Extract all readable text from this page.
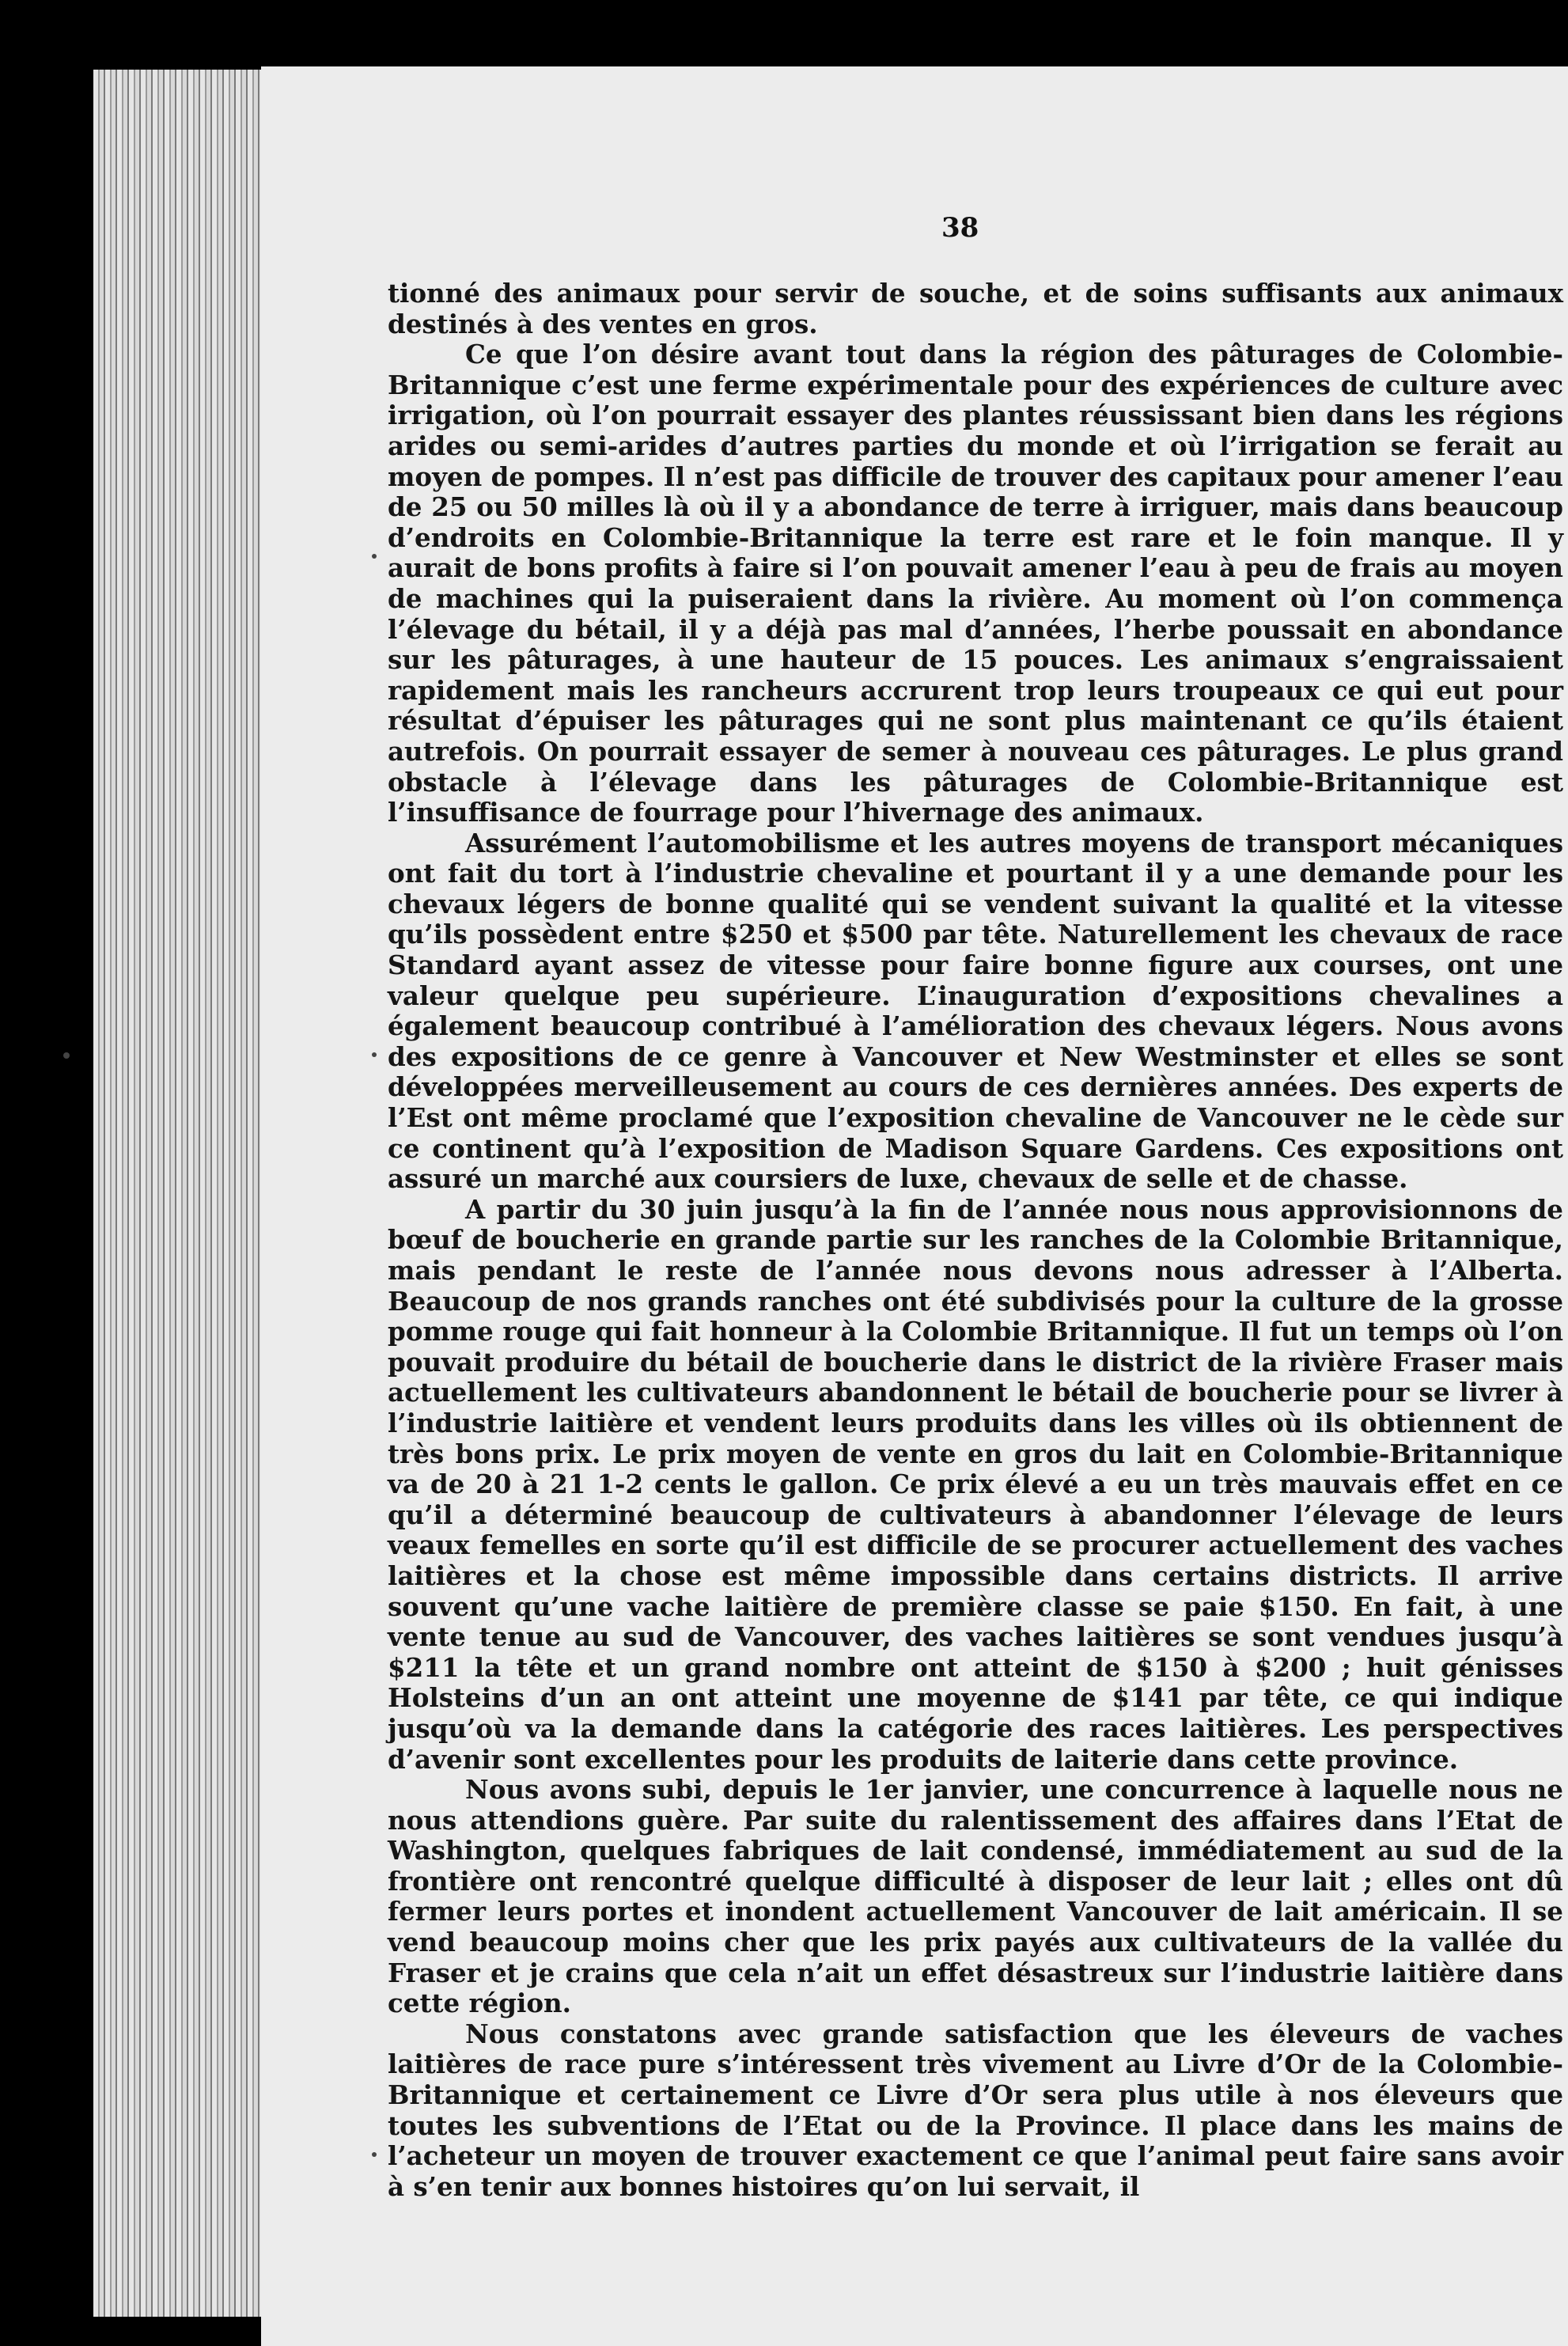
38

tionné des animaux pour servir de souche, et de soins suffisants aux animaux destinés à des ventes en gros.

Ce que l’on désire avant tout dans la région des pâturages de Colombie-Britannique c’est une ferme expérimentale pour des expériences de culture avec irrigation, où l’on pourrait essayer des plantes réussissant bien dans les régions arides ou semi-arides d’autres parties du monde et où l’irrigation se ferait au moyen de pompes. Il n’est pas difficile de trouver des capitaux pour amener l’eau de 25 ou 50 milles là où il y a abondance de terre à irriguer, mais dans beaucoup d’endroits en Colombie-Britannique la terre est rare et le foin manque. Il y aurait de bons profits à faire si l’on pouvait amener l’eau à peu de frais au moyen de machines qui la puiseraient dans la rivière. Au moment où l’on commença l’élevage du bétail, il y a déjà pas mal d’années, l’herbe poussait en abondance sur les pâturages, à une hauteur de 15 pouces. Les animaux s’engraissaient rapidement mais les rancheurs accrurent trop leurs troupeaux ce qui eut pour résultat d’épuiser les pâturages qui ne sont plus maintenant ce qu’ils étaient autrefois. On pourrait essayer de semer à nouveau ces pâturages. Le plus grand obstacle à l’élevage dans les pâturages de Colombie-Britannique est l’insuffisance de fourrage pour l’hivernage des animaux.

Assurément l’automobilisme et les autres moyens de transport mécaniques ont fait du tort à l’industrie chevaline et pourtant il y a une demande pour les chevaux légers de bonne qualité qui se vendent suivant la qualité et la vitesse qu’ils possèdent entre $250 et $500 par tête. Naturellement les chevaux de race Standard ayant assez de vitesse pour faire bonne figure aux courses, ont une valeur quelque peu supérieure. L’inauguration d’expositions chevalines a également beaucoup contribué à l’amélioration des chevaux légers. Nous avons des expositions de ce genre à Vancouver et New Westminster et elles se sont développées merveilleusement au cours de ces dernières années. Des experts de l’Est ont même proclamé que l’exposition chevaline de Vancouver ne le cède sur ce continent qu’à l’exposition de Madison Square Gardens. Ces expositions ont assuré un marché aux coursiers de luxe, chevaux de selle et de chasse.

A partir du 30 juin jusqu’à la fin de l’année nous nous approvisionnons de bœuf de boucherie en grande partie sur les ranches de la Colombie Britannique, mais pendant le reste de l’année nous devons nous adresser à l’Alberta. Beaucoup de nos grands ranches ont été subdivisés pour la culture de la grosse pomme rouge qui fait honneur à la Colombie Britannique. Il fut un temps où l’on pouvait produire du bétail de boucherie dans le district de la rivière Fraser mais actuellement les cultivateurs abandonnent le bétail de boucherie pour se livrer à l’industrie laitière et vendent leurs produits dans les villes où ils obtiennent de très bons prix. Le prix moyen de vente en gros du lait en Colombie-Britannique va de 20 à 21 1-2 cents le gallon. Ce prix élevé a eu un très mauvais effet en ce qu’il a déterminé beaucoup de cultivateurs à abandonner l’élevage de leurs veaux femelles en sorte qu’il est difficile de se procurer actuellement des vaches laitières et la chose est même impossible dans certains districts. Il arrive souvent qu’une vache laitière de première classe se paie $150. En fait, à une vente tenue au sud de Vancouver, des vaches laitières se sont vendues jusqu’à $211 la tête et un grand nombre ont atteint de $150 à $200 ; huit génisses Holsteins d’un an ont atteint une moyenne de $141 par tête, ce qui indique jusqu’où va la demande dans la catégorie des races laitières. Les perspectives d’avenir sont excellentes pour les produits de laiterie dans cette province.

Nous avons subi, depuis le 1er janvier, une concurrence à laquelle nous ne nous attendions guère. Par suite du ralentissement des affaires dans l’Etat de Washington, quelques fabriques de lait condensé, immédiatement au sud de la frontière ont rencontré quelque difficulté à disposer de leur lait ; elles ont dû fermer leurs portes et inondent actuellement Vancouver de lait américain. Il se vend beaucoup moins cher que les prix payés aux cultivateurs de la vallée du Fraser et je crains que cela n’ait un effet désastreux sur l’industrie laitière dans cette région.

Nous constatons avec grande satisfaction que les éleveurs de vaches laitières de race pure s’intéressent très vivement au Livre d’Or de la Colombie-Britannique et certainement ce Livre d’Or sera plus utile à nos éleveurs que toutes les subventions de l’Etat ou de la Province. Il place dans les mains de l’acheteur un moyen de trouver exactement ce que l’animal peut faire sans avoir à s’en tenir aux bonnes histoires qu’on lui servait, il
